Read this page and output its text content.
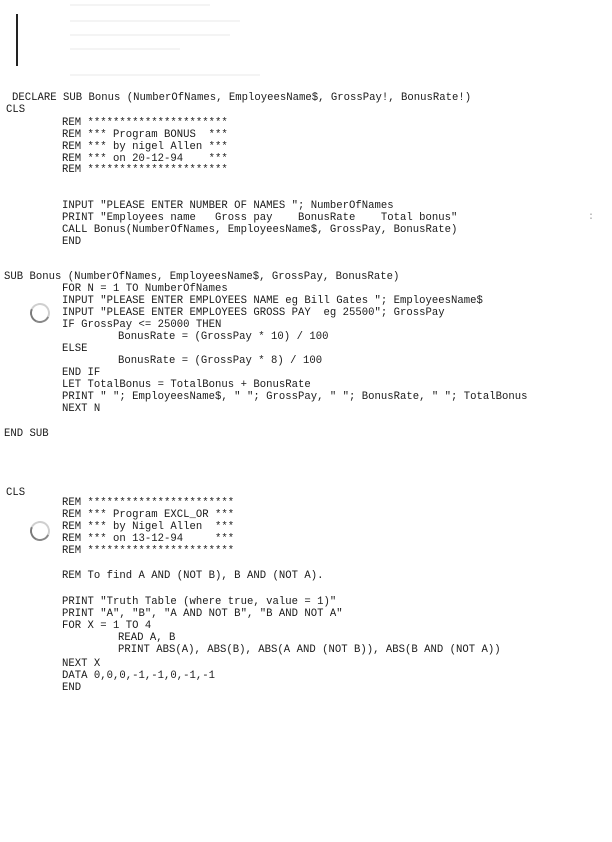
DECLARE SUB Bonus (NumberOfNames, EmployeesName$, GrossPay!, BonusRate!)
CLS
REM **********************
REM *** Program BONUS  ***
REM *** by nigel Allen ***
REM *** on 20-12-94    ***
REM **********************
INPUT "PLEASE ENTER NUMBER OF NAMES "; NumberOfNames
PRINT "Employees name   Gross pay    BonusRate    Total bonus"
CALL Bonus(NumberOfNames, EmployeesName$, GrossPay, BonusRate)
END
:
SUB Bonus (NumberOfNames, EmployeesName$, GrossPay, BonusRate)
FOR N = 1 TO NumberOfNames
INPUT "PLEASE ENTER EMPLOYEES NAME eg Bill Gates "; EmployeesName$
INPUT "PLEASE ENTER EMPLOYEES GROSS PAY  eg 25500"; GrossPay
IF GrossPay <= 25000 THEN
BonusRate = (GrossPay * 10) / 100
ELSE
BonusRate = (GrossPay * 8) / 100
END IF
LET TotalBonus = TotalBonus + BonusRate
PRINT " "; EmployeesName$, " "; GrossPay, " "; BonusRate, " "; TotalBonus
NEXT N
END SUB
CLS
REM ***********************
REM *** Program EXCL_OR ***
REM *** by Nigel Allen  ***
REM *** on 13-12-94     ***
REM ***********************
REM To find A AND (NOT B), B AND (NOT A).
PRINT "Truth Table (where true, value = 1)"
PRINT "A", "B", "A AND NOT B", "B AND NOT A"
FOR X = 1 TO 4
READ A, B
PRINT ABS(A), ABS(B), ABS(A AND (NOT B)), ABS(B AND (NOT A))
NEXT X
DATA 0,0,0,-1,-1,0,-1,-1
END
